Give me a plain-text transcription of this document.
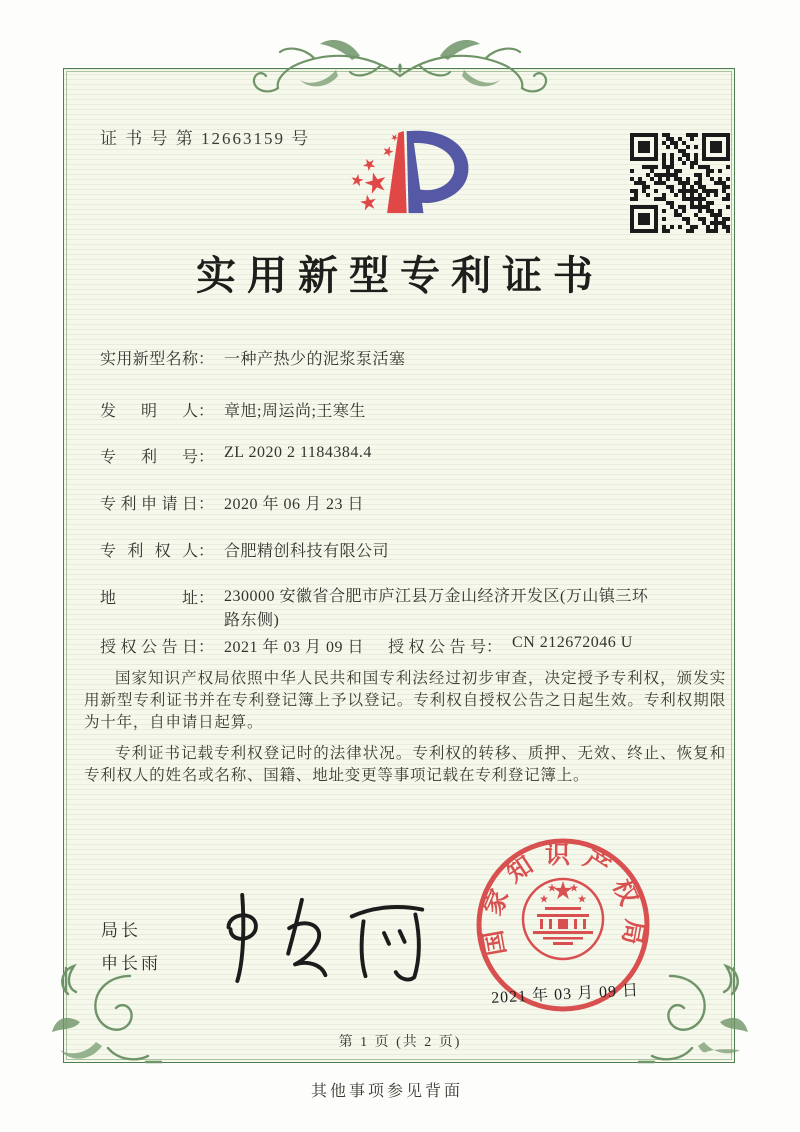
证 书 号 第 12663159 号
实用新型专利证书
实用新型名称： 一种产热少的泥浆泵活塞
发明人： 章旭;周运尚;王寒生
专利号： ZL 2020 2 1184384.4
专利申请日： 2020 年 06 月 23 日
专利权人： 合肥精创科技有限公司
地址： 230000 安徽省合肥市庐江县万金山经济开发区(万山镇三环路东侧)
授权公告日： 2021 年 03 月 09 日 授权公告号： CN 212672046 U

国家知识产权局依照中华人民共和国专利法经过初步审查，决定授予专利权，颁发实用新型专利证书并在专利登记簿上予以登记。专利权自授权公告之日起生效。专利权期限为十年，自申请日起算。

专利证书记载专利权登记时的法律状况。专利权的转移、质押、无效、终止、恢复和专利权人的姓名或名称、国籍、地址变更等事项记载在专利登记簿上。

局长
申长雨
国家知识产权局
2021 年 03 月 09 日
第 1 页 (共 2 页)
其他事项参见背面
